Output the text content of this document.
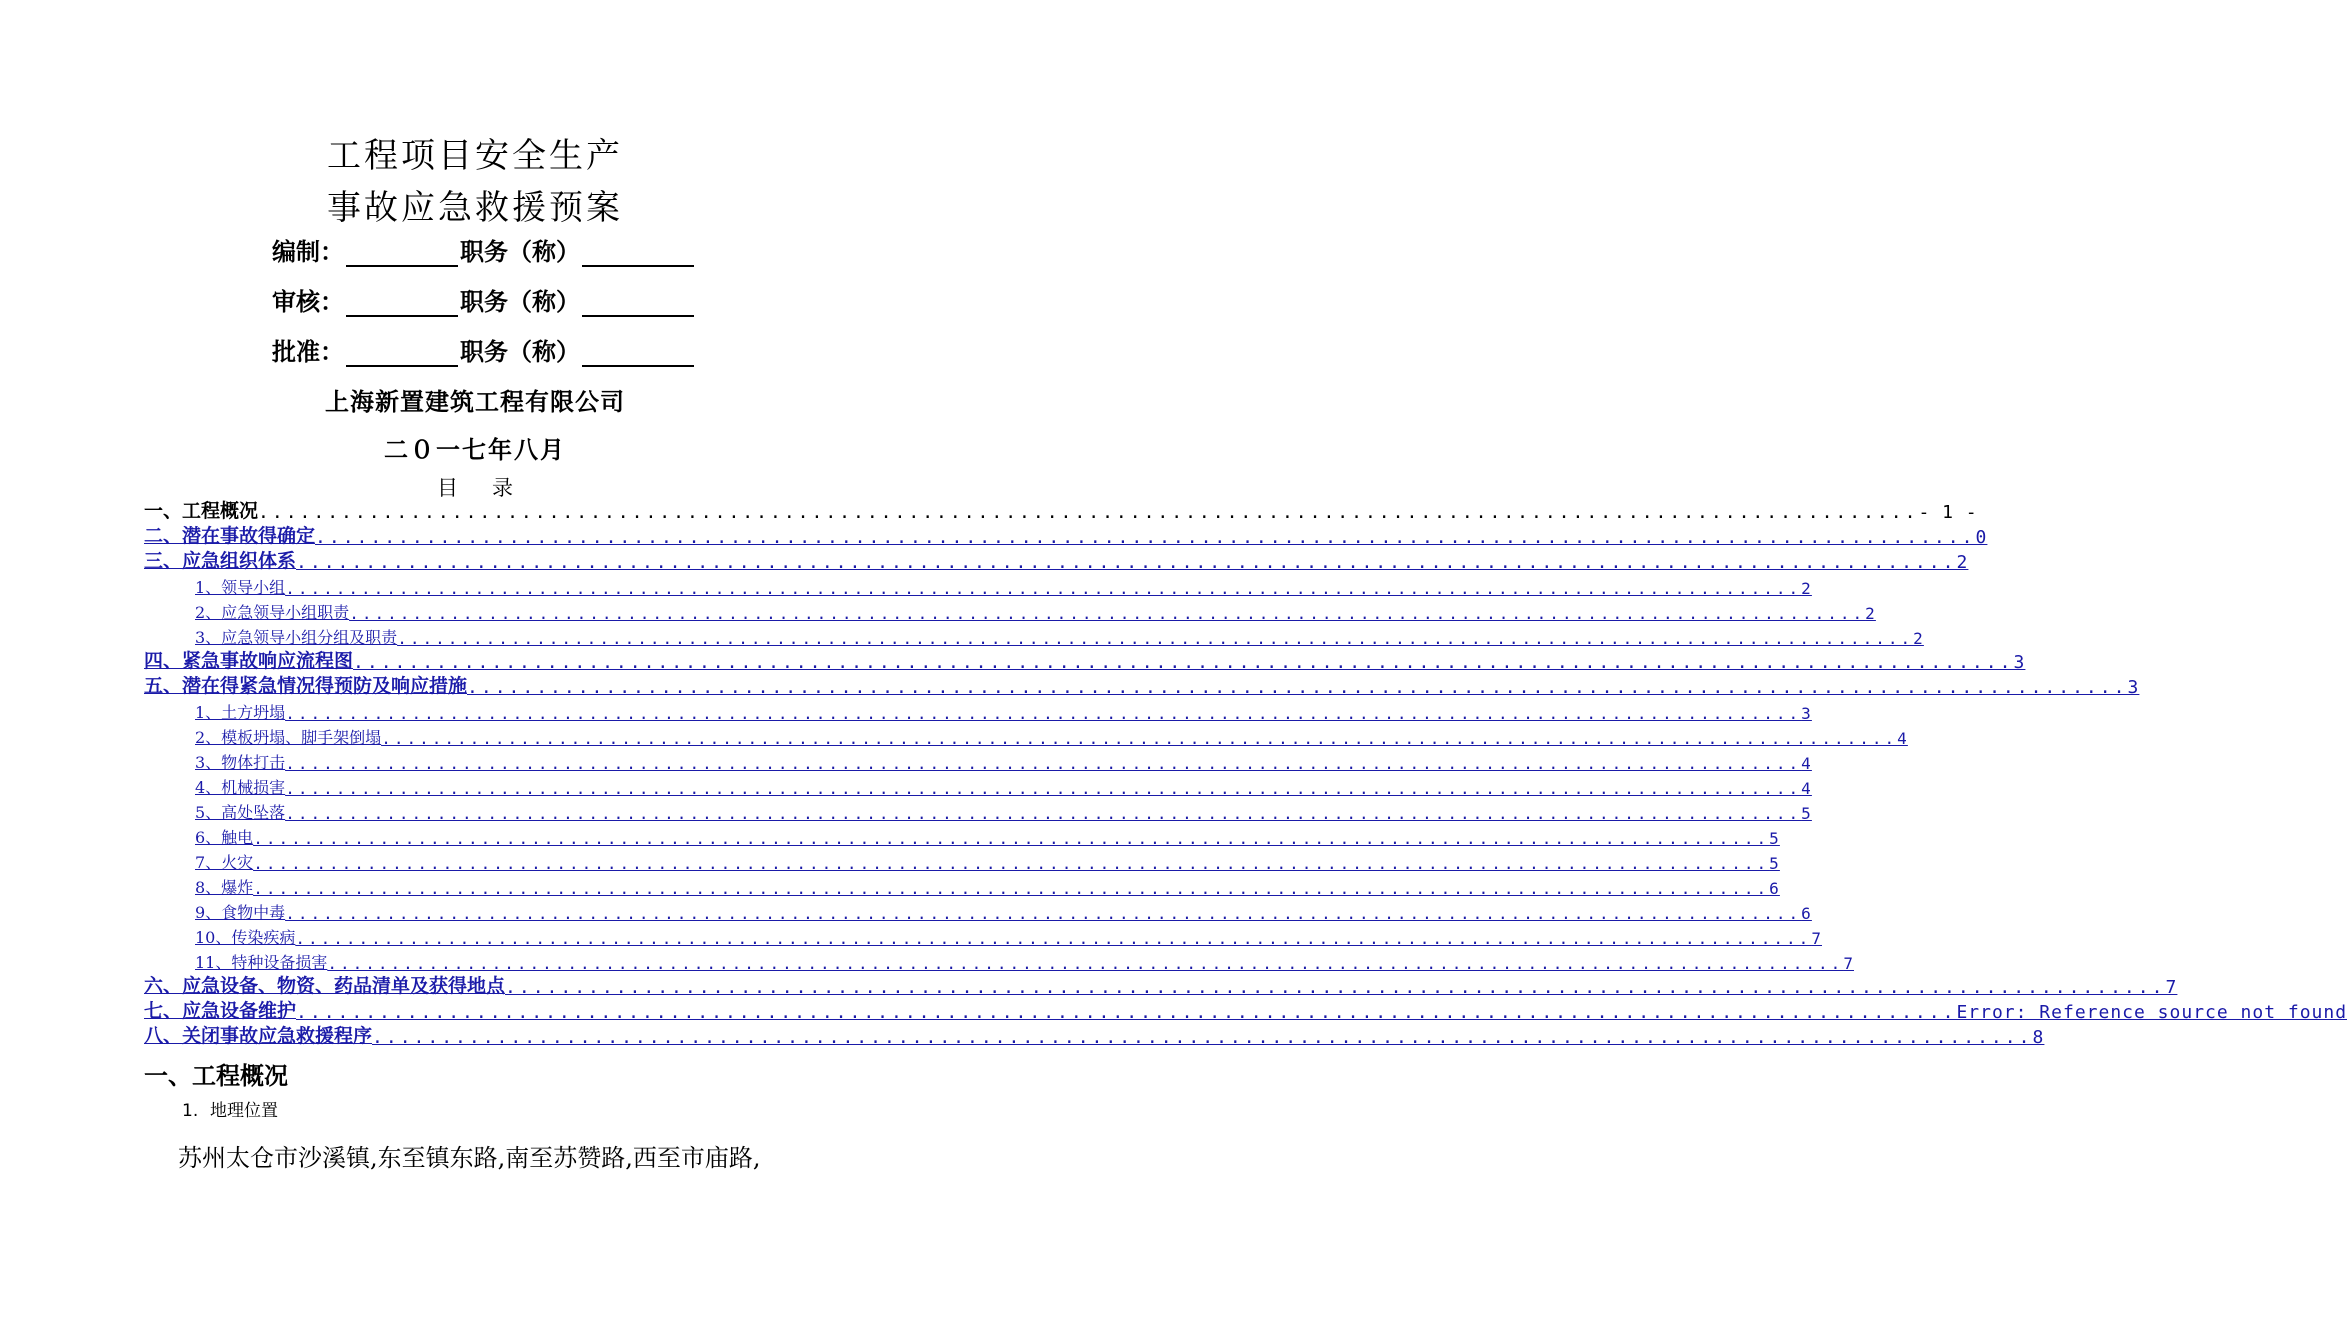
工程项目安全生产
事故应急救援预案
编制：	职务（称）
审核：	职务（称）
批准：	职务（称）
上海新置建筑工程有限公司
二０一七年八月
目录
一、工程概况 ........................................................................................................................ - 1 -
二、潜在事故得确定 ........................................................................................................................ 0
三、应急组织体系 ........................................................................................................................ 2
1、领导小组 ........................................................................................................................ 2
2、应急领导小组职责 ........................................................................................................................ 2
3、应急领导小组分组及职责 ........................................................................................................................ 2
四、紧急事故响应流程图 ........................................................................................................................ 3
五、潜在得紧急情况得预防及响应措施 ........................................................................................................................ 3
1、土方坍塌 ........................................................................................................................ 3
2、模板坍塌、脚手架倒塌 ........................................................................................................................ 4
3、物体打击 ........................................................................................................................ 4
4、机械损害 ........................................................................................................................ 4
5、高处坠落 ........................................................................................................................ 5
6、触电 ........................................................................................................................ 5
7、火灾 ........................................................................................................................ 5
8、爆炸 ........................................................................................................................ 6
9、食物中毒 ........................................................................................................................ 6
10、传染疾病 ........................................................................................................................ 7
11、特种设备损害 ........................................................................................................................ 7
六、应急设备、物资、药品清单及获得地点 ........................................................................................................................ 7
七、应急设备维护 ........................................................................................................................ Error: Reference source not found
八、关闭事故应急救援程序 ........................................................................................................................ 8
一、工程概况
1. 地理位置
苏州太仓市沙溪镇,东至镇东路,南至苏赞路,西至市庙路,
